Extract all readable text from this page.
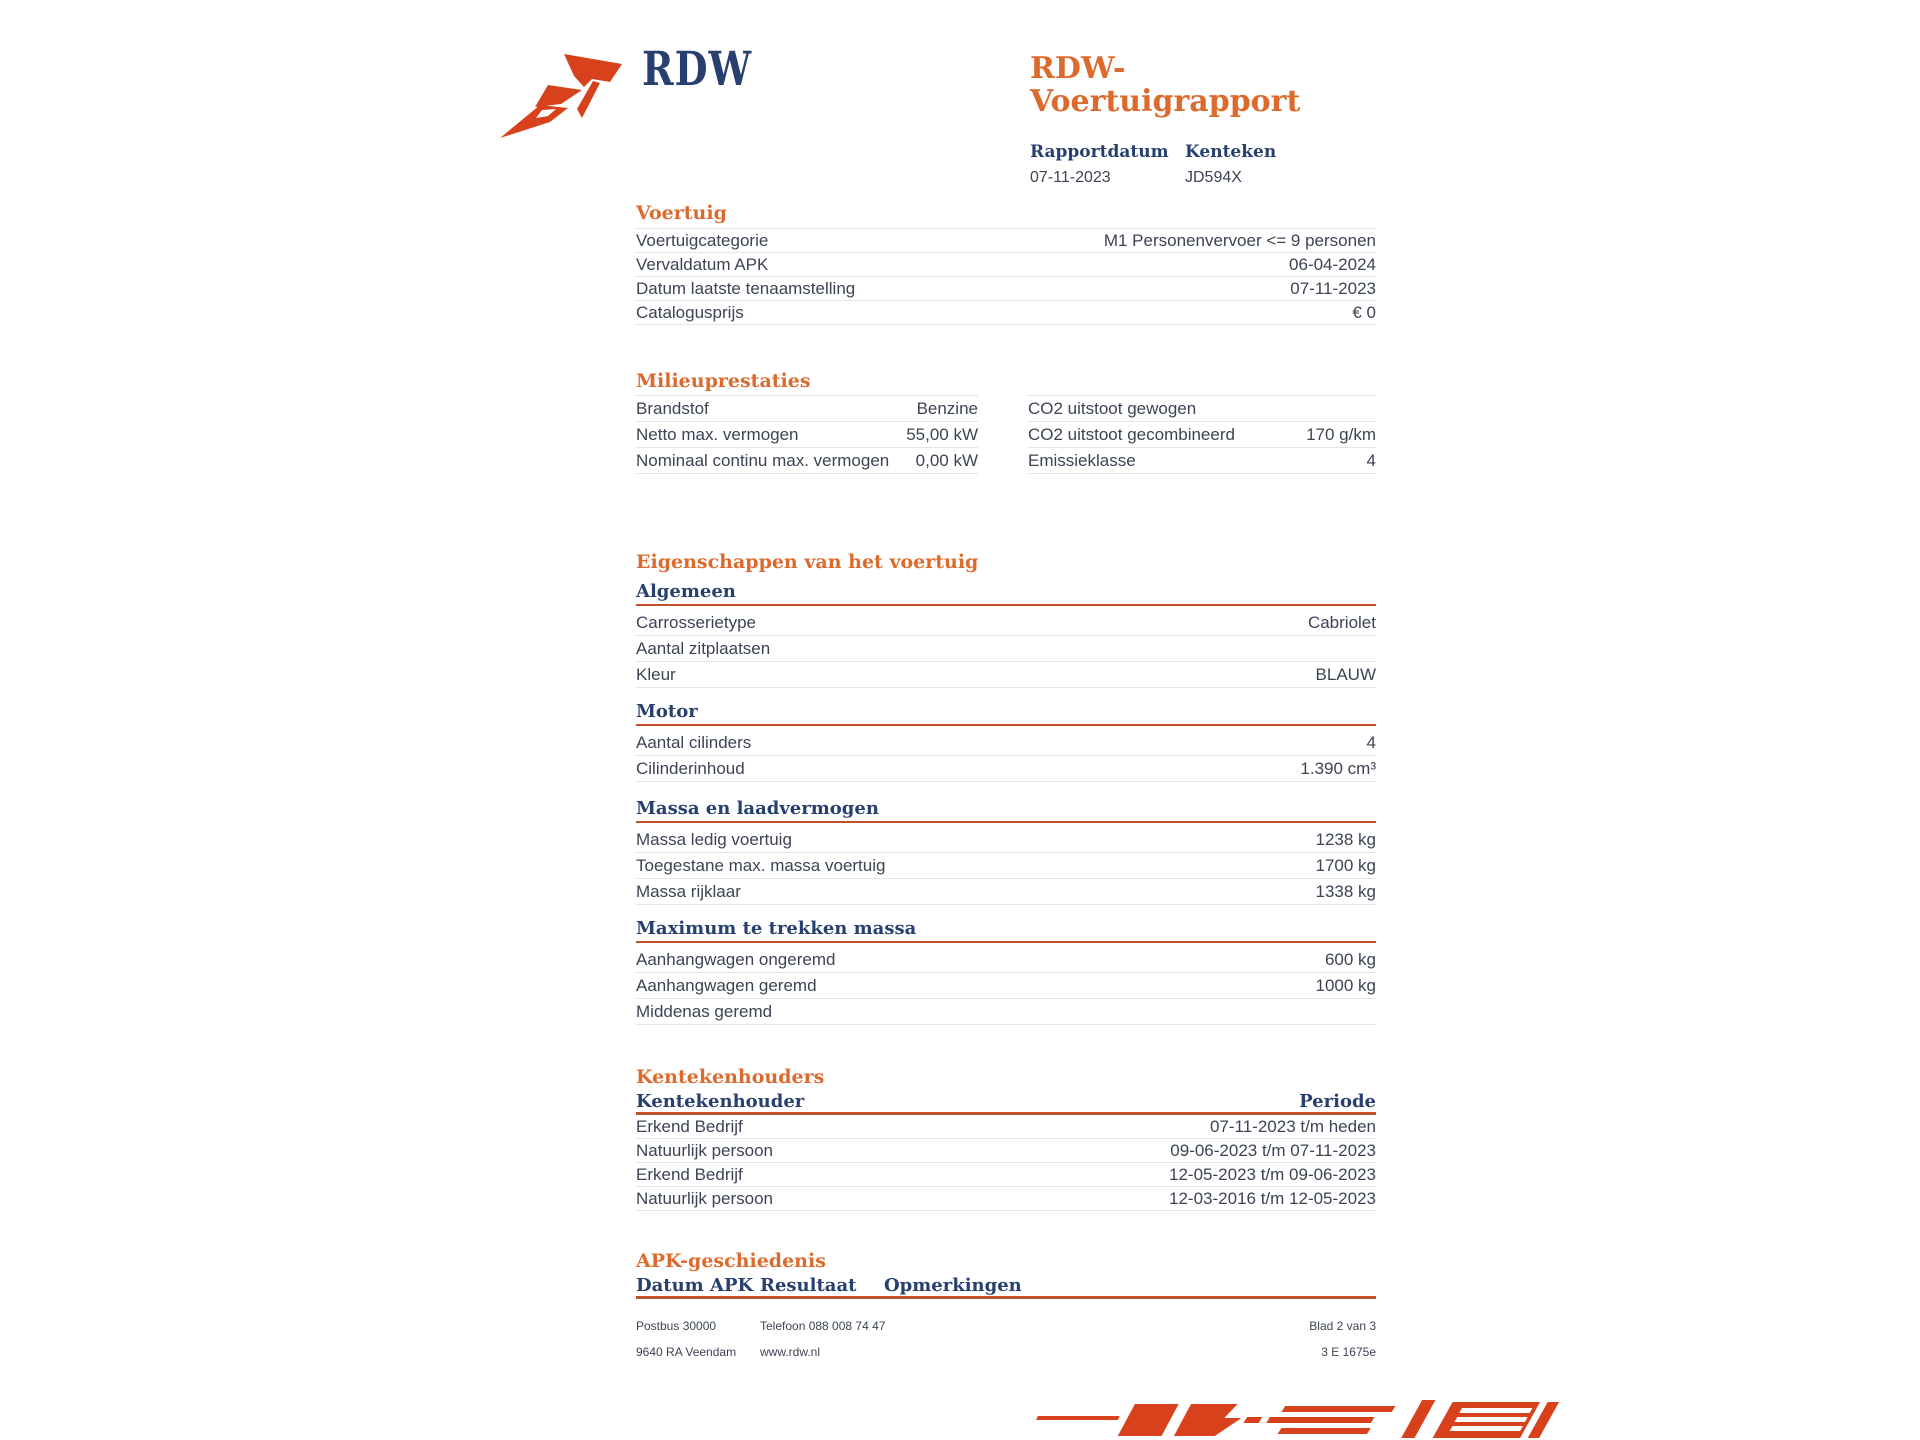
RDW	RDW-Voertuigrapport
Rapportdatum Kenteken
07-11-2023	JD594X
Voertuig
Voertuigcategorie	M1 Personenvervoer <= 9 personen
Vervaldatum APK	06-04-2024
Datum laatste tenaamstelling	07-11-2023
Catalogusprijs	€ 0
Milieuprestaties
Brandstof	Benzine
Netto max. vermogen	55,00 kW
Nominaal continu max. vermogen 0,00 kW
CO2 uitstoot gewogen
CO2 uitstoot gecombineerd	170 g/km
Emissieklasse	4
Eigenschappen van het voertuig
Algemeen
Carrosserietype	Cabriolet
Aantal zitplaatsen
Kleur	BLAUW
Motor
Aantal cilinders	4
Cilinderinhoud	1.390 cm³
Massa en laadvermogen
Massa ledig voertuig	1238 kg
Toegestane max. massa voertuig	1700 kg
Massa rijklaar	1338 kg
Maximum te trekken massa
Aanhangwagen ongeremd	600 kg
Aanhangwagen geremd	1000 kg
Middenas geremd
Kentekenhouders
Kentekenhouder	Periode
Erkend Bedrijf	07-11-2023 t/m heden
Natuurlijk persoon	09-06-2023 t/m 07-11-2023
Erkend Bedrijf	12-05-2023 t/m 09-06-2023
Natuurlijk persoon	12-03-2016 t/m 12-05-2023
APK-geschiedenis
Datum APK Resultaat	Opmerkingen
Postbus 30000	Telefoon 088 008 74 47	Blad 2 van 3
9640 RA Veendam	www.rdw.nl	3 E 1675e
